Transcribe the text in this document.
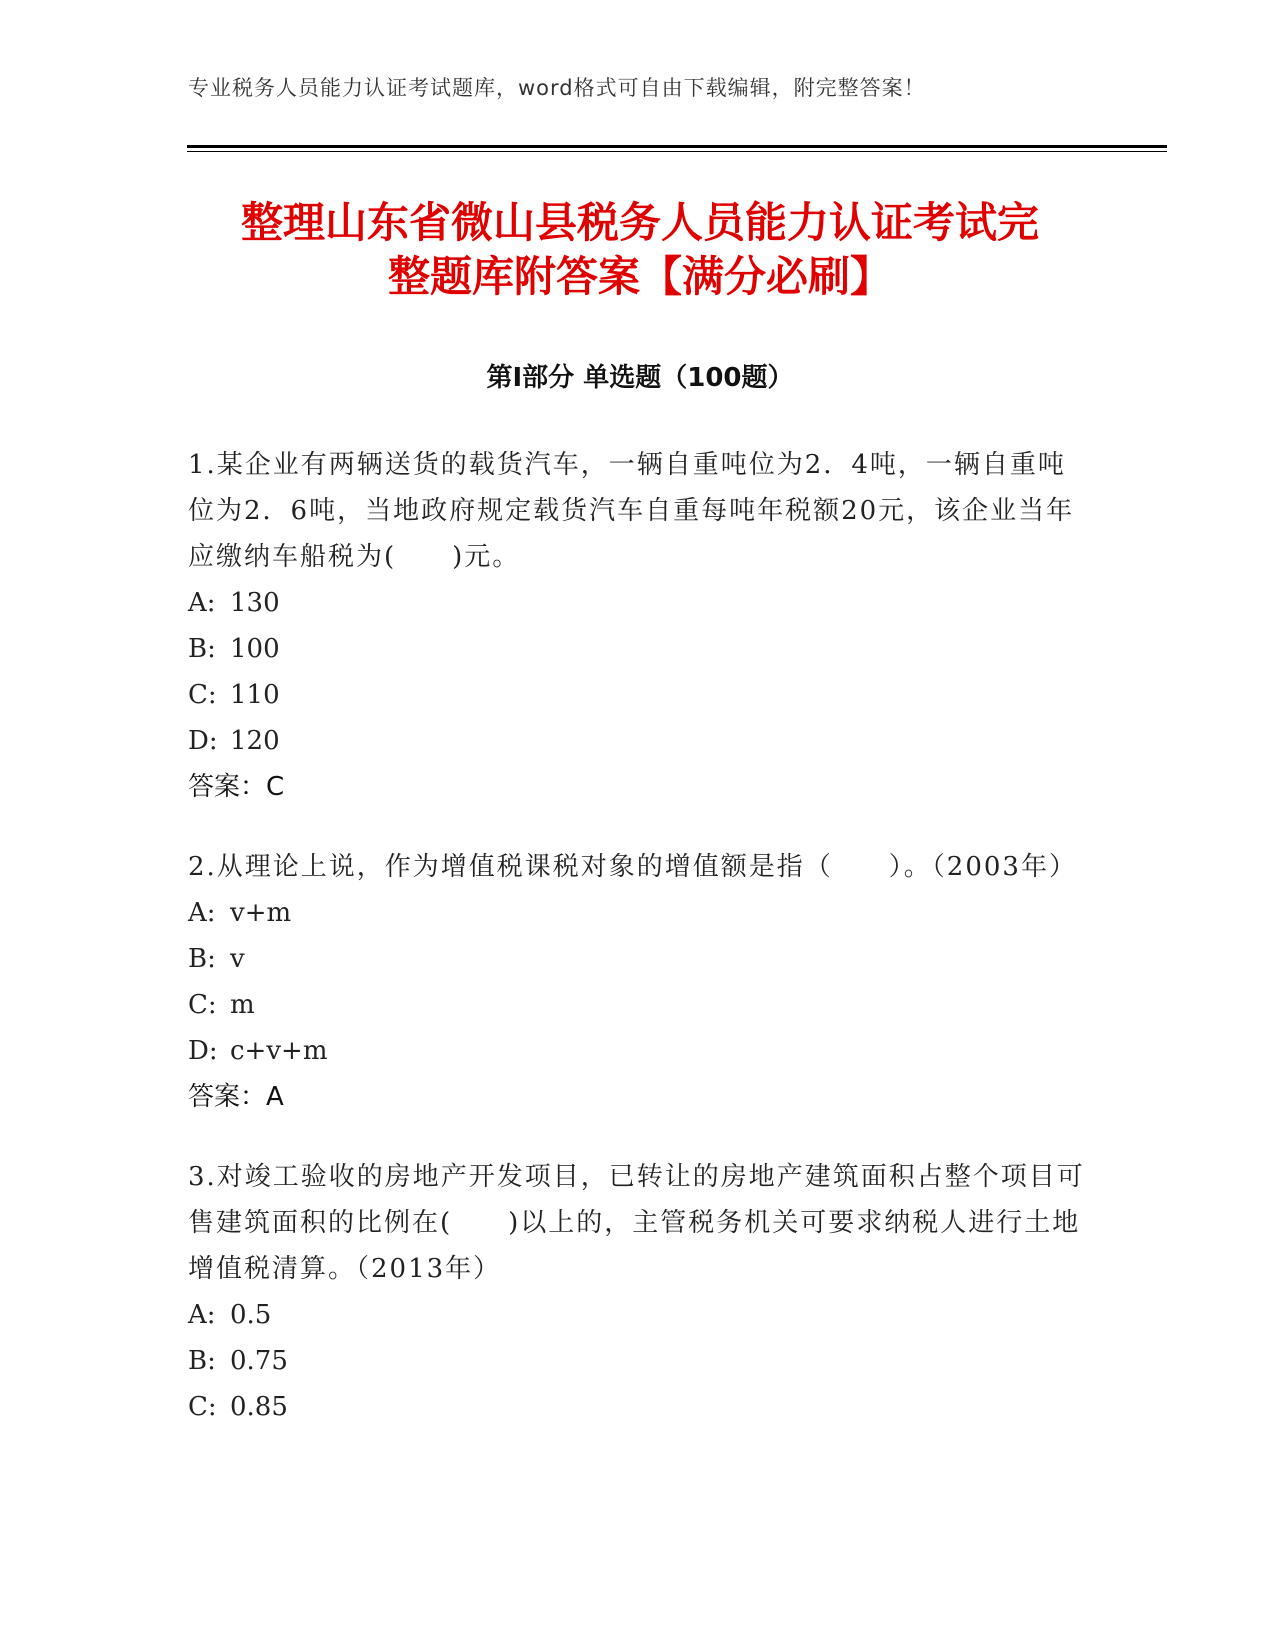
专业税务人员能力认证考试题库，word格式可自由下载编辑，附完整答案！
整理山东省微山县税务人员能力认证考试完
整题库附答案【满分必刷】
第Ⅰ部分 单选题（100题）

1.某企业有两辆送货的载货汽车，一辆自重吨位为2．4吨，一辆自重吨位为2．6吨，当地政府规定载货汽车自重每吨年税额20元，该企业当年应缴纳车船税为(　　)元。

A: 130

B: 100

C: 110

D: 120

答案：C

2.从理论上说，作为增值税课税对象的增值额是指（　　）。（2003年）

A: v+m

B: v

C: m

D: c+v+m

答案：A

3.对竣工验收的房地产开发项目，已转让的房地产建筑面积占整个项目可售建筑面积的比例在(　　)以上的，主管税务机关可要求纳税人进行土地增值税清算。（2013年）

A: 0.5

B: 0.75

C: 0.85
